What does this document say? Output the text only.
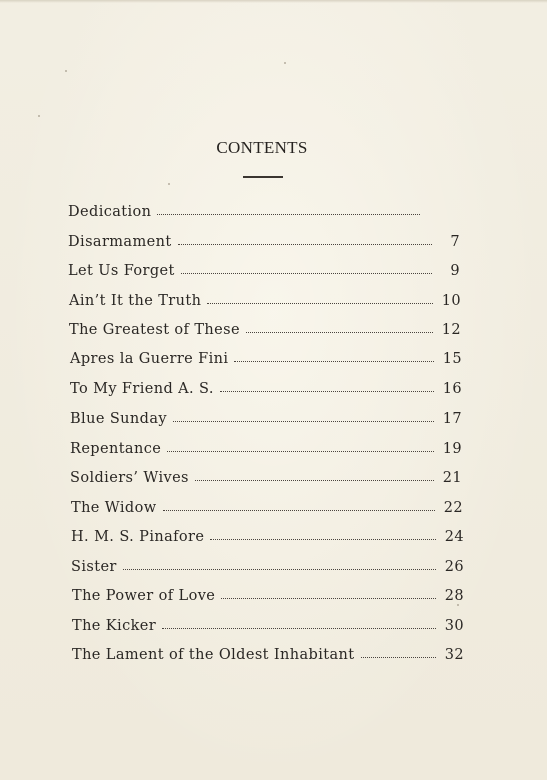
CONTENTS
Dedication
Disarmament	7
Let Us Forget	9
Ain’t It the Truth	10
The Greatest of These	12
Apres la Guerre Fini	15
To My Friend A. S.	16
Blue Sunday	17
Repentance	19
Soldiers’ Wives	21
The Widow	22
H. M. S. Pinafore	24
Sister	26
The Power of Love	28
The Kicker	30
The Lament of the Oldest Inhabitant	32
